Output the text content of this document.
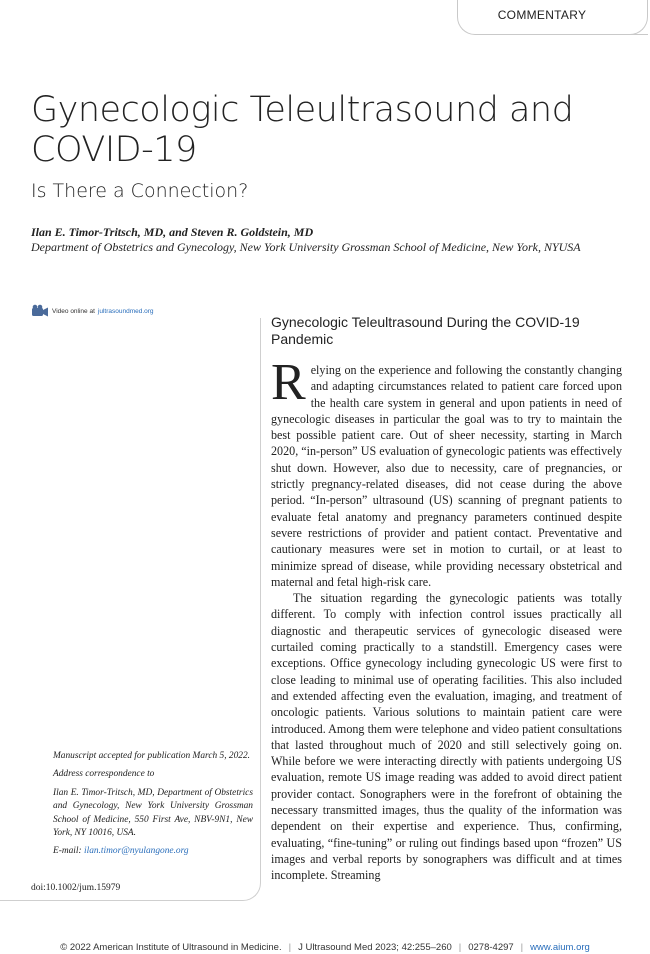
COMMENTARY
Gynecologic Teleultrasound and COVID-19
Is There a Connection?
Ilan E. Timor-Tritsch, MD, and Steven R. Goldstein, MD
Department of Obstetrics and Gynecology, New York University Grossman School of Medicine, New York, NYUSA
Video online at jultrasoundmed.org

Manuscript accepted for publication March 5, 2022.

Address correspondence to

Ilan E. Timor-Tritsch, MD, Department of Obstetrics and Gynecology, New York University Grossman School of Medicine, 550 First Ave, NBV-9N1, New York, NY 10016, USA.

E-mail: ilan.timor@nyulangone.org

doi:10.1002/jum.15979
Gynecologic Teleultrasound During the COVID-19 Pandemic

Relying on the experience and following the constantly changing and adapting circumstances related to patient care forced upon the health care system in general and upon patients in need of gynecologic diseases in particular the goal was to try to maintain the best possible patient care. Out of sheer necessity, starting in March 2020, “in-person” US evaluation of gynecologic patients was effectively shut down. However, also due to necessity, care of pregnancies, or strictly pregnancy-related diseases, did not cease during the above period. “In-person” ultrasound (US) scanning of pregnant patients to evaluate fetal anatomy and pregnancy parameters continued despite severe restrictions of provider and patient contact. Preventative and cautionary measures were set in motion to curtail, or at least to minimize spread of disease, while providing necessary obstetrical and maternal and fetal high-risk care.

The situation regarding the gynecologic patients was totally different. To comply with infection control issues practically all diagnostic and therapeutic services of gynecologic diseased were curtailed coming practically to a standstill. Emergency cases were exceptions. Office gynecology including gynecologic US were first to close leading to minimal use of operating facilities. This also included and extended affecting even the evaluation, imaging, and treatment of oncologic patients. Various solutions to maintain patient care were introduced. Among them were telephone and video patient consultations that lasted throughout much of 2020 and still selectively going on. While before we were interacting directly with patients undergoing US evaluation, remote US image reading was added to avoid direct patient provider contact. Sonographers were in the forefront of obtaining the necessary transmitted images, thus the quality of the information was dependent on their expertise and experience. Thus, confirming, evaluating, “fine-tuning” or ruling out findings based upon “frozen” US images and verbal reports by sonographers was difficult and at times incomplete. Streaming

© 2022 American Institute of Ultrasound in Medicine. | J Ultrasound Med 2023; 42:255–260 | 0278-4297 | www.aium.org
